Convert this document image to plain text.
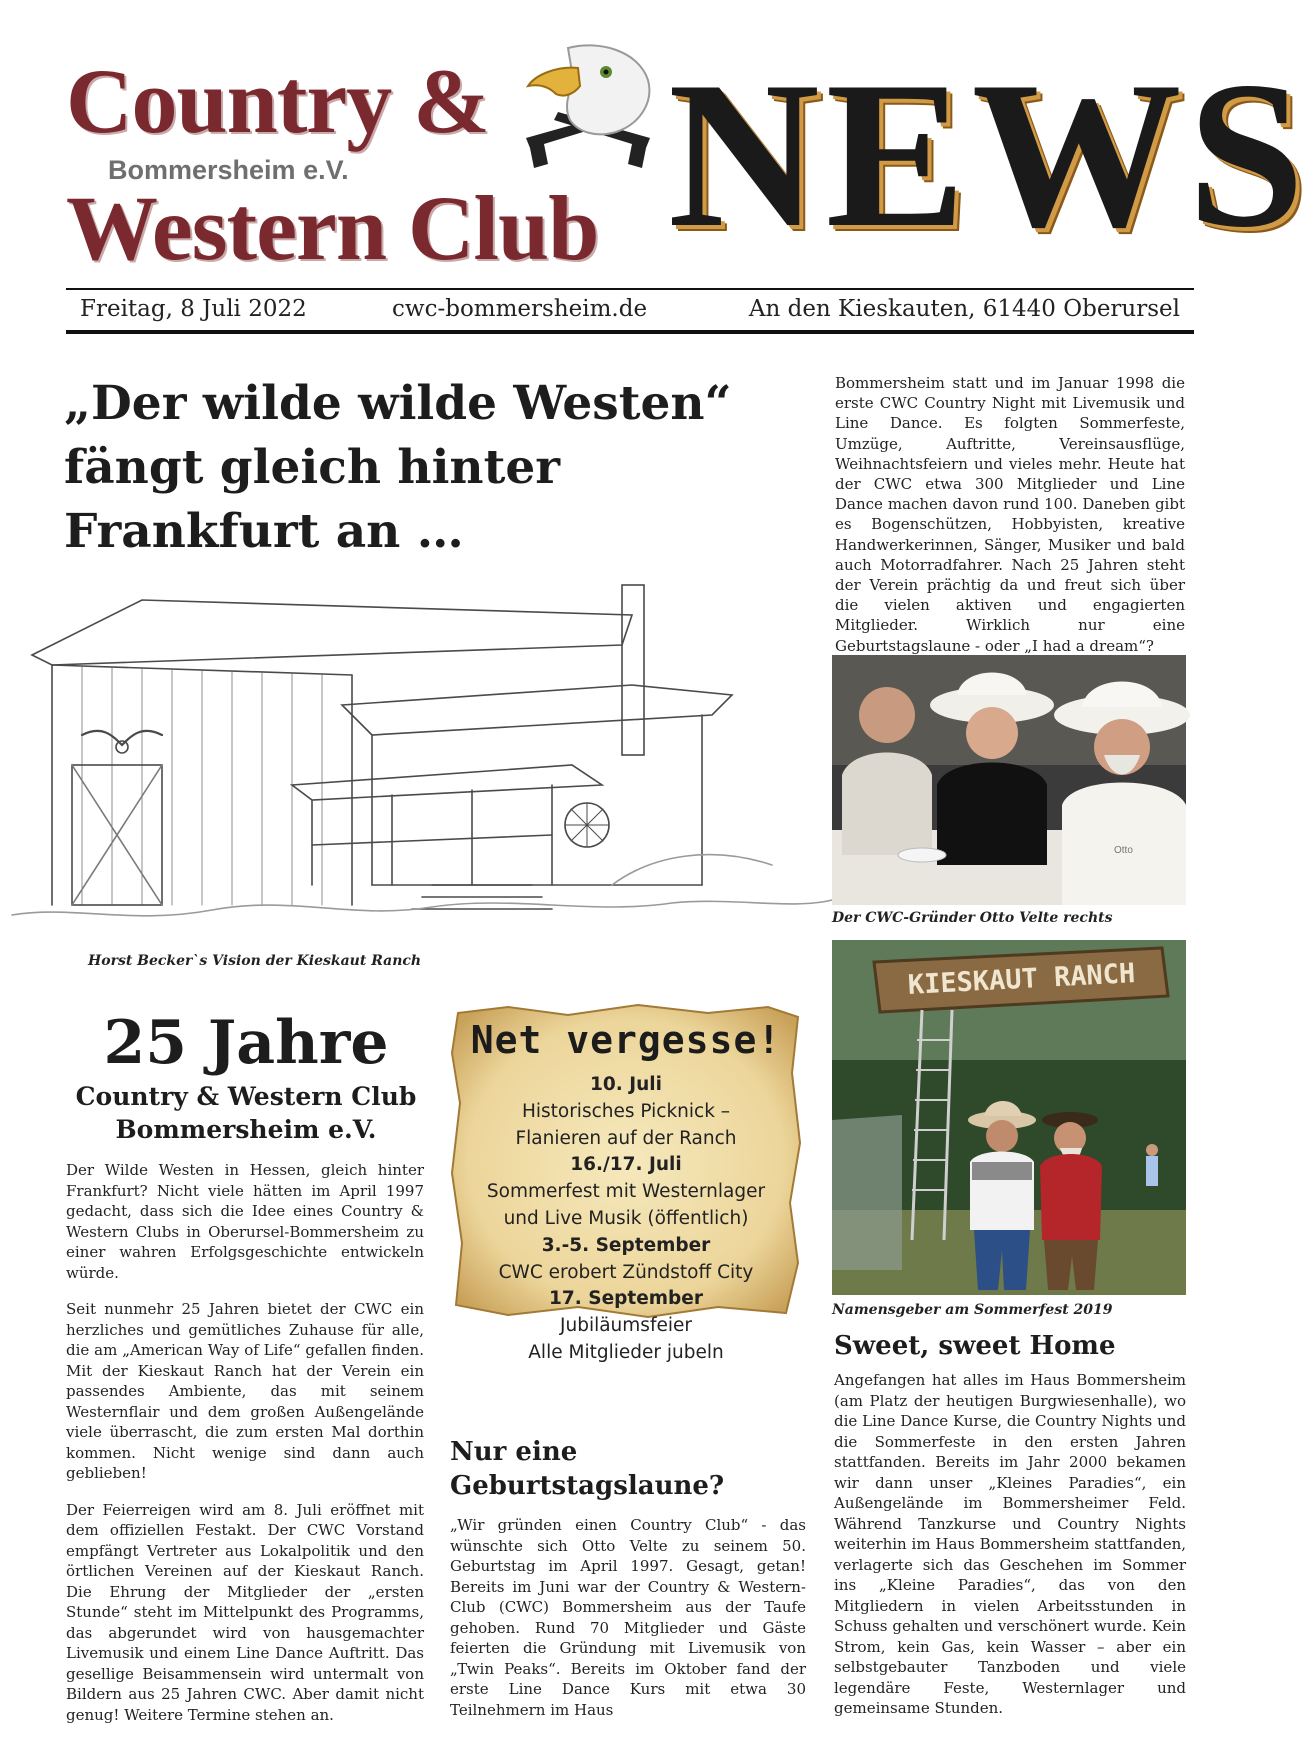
Country &
Bommersheim e.V.
Western Club NEWS
Freitag, 8 Juli 2022	cwc-bommersheim.de	An den Kieskauten, 61440 Oberursel
„Der wilde wilde Westen“ fängt gleich hinter Frankfurt an …
Horst Becker`s Vision der Kieskaut Ranch
25 Jahre
Country & Western Club
Bommersheim e.V.

Der Wilde Westen in Hessen, gleich hinter Frankfurt? Nicht viele hätten im April 1997 gedacht, dass sich die Idee eines Country & Western Clubs in Oberursel-Bommersheim zu einer wahren Erfolgsgeschichte entwickeln würde.

Seit nunmehr 25 Jahren bietet der CWC ein herzliches und gemütliches Zuhause für alle, die am „American Way of Life“ gefallen finden. Mit der Kieskaut Ranch hat der Verein ein passendes Ambiente, das mit seinem Westernflair und dem großen Außengelände viele überrascht, die zum ersten Mal dorthin kommen. Nicht wenige sind dann auch geblieben!

Der Feierreigen wird am 8. Juli eröffnet mit dem offiziellen Festakt. Der CWC Vorstand empfängt Vertreter aus Lokalpolitik und den örtlichen Vereinen auf der Kieskaut Ranch. Die Ehrung der Mitglieder der „ersten Stunde“ steht im Mittelpunkt des Programms, das abgerundet wird von hausgemachter Livemusik und einem Line Dance Auftritt. Das gesellige Beisammensein wird untermalt von Bildern aus 25 Jahren CWC. Aber damit nicht genug! Weitere Termine stehen an.

Net vergesse!
10. Juli
Historisches Picknick –
Flanieren auf der Ranch
16./17. Juli
Sommerfest mit Westernlager
und Live Musik (öffentlich)
3.-5. September
CWC erobert Zündstoff City
17. September
Jubiläumsfeier
Alle Mitglieder jubeln
Nur eine
Geburtstagslaune?
„Wir gründen einen Country Club“ - das wünschte sich Otto Velte zu seinem 50. Geburtstag im April 1997. Gesagt, getan! Bereits im Juni war der Country & Western-Club (CWC) Bommersheim aus der Taufe gehoben. Rund 70 Mitglieder und Gäste feierten die Gründung mit Livemusik von „Twin Peaks“. Bereits im Oktober fand der erste Line Dance Kurs mit etwa 30 Teilnehmern im Haus
Bommersheim statt und im Januar 1998 die erste CWC Country Night mit Livemusik und Line Dance. Es folgten Sommerfeste, Umzüge, Auftritte, Vereinsausflüge, Weihnachtsfeiern und vieles mehr. Heute hat der CWC etwa 300 Mitglieder und Line Dance machen davon rund 100. Daneben gibt es Bogenschützen, Hobbyisten, kreative Handwerkerinnen, Sänger, Musiker und bald auch Motorradfahrer. Nach 25 Jahren steht der Verein prächtig da und freut sich über die vielen aktiven und engagierten Mitglieder. Wirklich nur eine Geburtstagslaune - oder „I had a dream“?
Otto
Der CWC-Gründer Otto Velte rechts
KIESKAUT RANCH
Namensgeber am Sommerfest 2019
Sweet, sweet Home
Angefangen hat alles im Haus Bommersheim (am Platz der heutigen Burgwiesenhalle), wo die Line Dance Kurse, die Country Nights und die Sommerfeste in den ersten Jahren stattfanden. Bereits im Jahr 2000 bekamen wir dann unser „Kleines Paradies“, ein Außengelände im Bommersheimer Feld. Während Tanzkurse und Country Nights weiterhin im Haus Bommersheim stattfanden, verlagerte sich das Geschehen im Sommer ins „Kleine Paradies“, das von den Mitgliedern in vielen Arbeitsstunden in Schuss gehalten und verschönert wurde. Kein Strom, kein Gas, kein Wasser – aber ein selbstgebauter Tanzboden und viele legendäre Feste, Westernlager und gemeinsame Stunden.
